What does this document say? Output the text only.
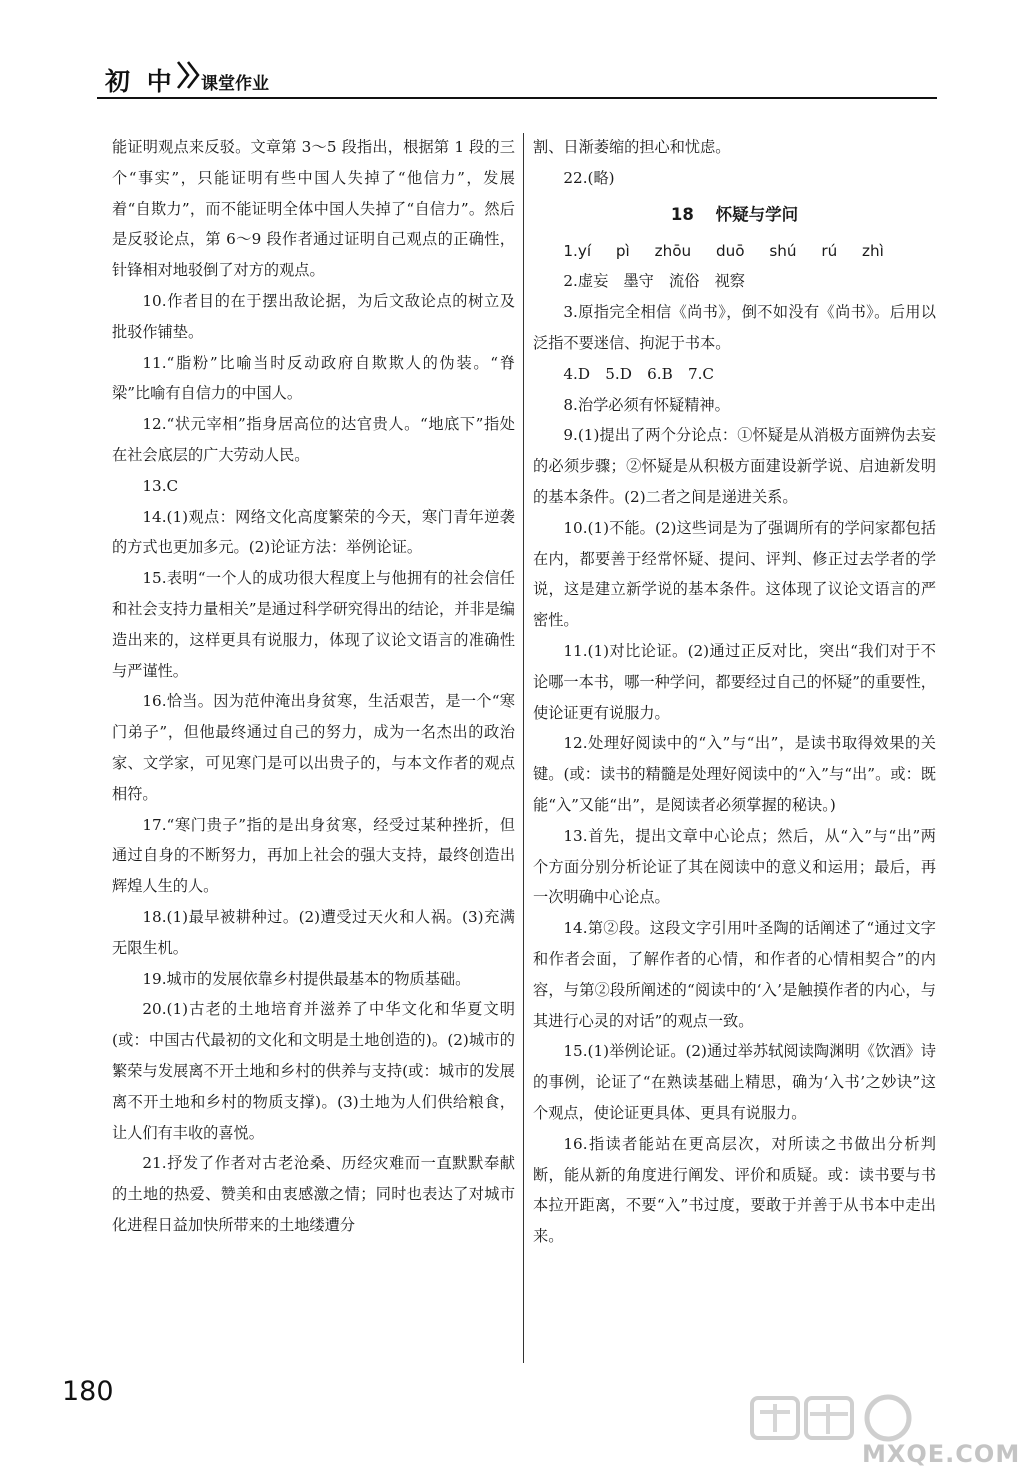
初 中 课堂作业

能证明观点来反驳。文章第 3～5 段指出，根据第 1 段的三个“事实”，只能证明有些中国人失掉了“他信力”，发展着“自欺力”，而不能证明全体中国人失掉了“自信力”。然后是反驳论点，第 6～9 段作者通过证明自己观点的正确性，针锋相对地驳倒了对方的观点。

10.作者目的在于摆出敌论据，为后文敌论点的树立及批驳作铺垫。

11.“脂粉”比喻当时反动政府自欺欺人的伪装。“脊梁”比喻有自信力的中国人。

12.“状元宰相”指身居高位的达官贵人。“地底下”指处在社会底层的广大劳动人民。

13.C

14.(1)观点：网络文化高度繁荣的今天，寒门青年逆袭的方式也更加多元。(2)论证方法：举例论证。

15.表明“一个人的成功很大程度上与他拥有的社会信任和社会支持力量相关”是通过科学研究得出的结论，并非是编造出来的，这样更具有说服力，体现了议论文语言的准确性与严谨性。

16.恰当。因为范仲淹出身贫寒，生活艰苦，是一个“寒门弟子”，但他最终通过自己的努力，成为一名杰出的政治家、文学家，可见寒门是可以出贵子的，与本文作者的观点相符。

17.“寒门贵子”指的是出身贫寒，经受过某种挫折，但通过自身的不断努力，再加上社会的强大支持，最终创造出辉煌人生的人。

18.(1)最早被耕种过。(2)遭受过天火和人祸。(3)充满无限生机。

19.城市的发展依靠乡村提供最基本的物质基础。

20.(1)古老的土地培育并滋养了中华文化和华夏文明(或：中国古代最初的文化和文明是土地创造的)。(2)城市的繁荣与发展离不开土地和乡村的供养与支持(或：城市的发展离不开土地和乡村的物质支撑)。(3)土地为人们供给粮食，让人们有丰收的喜悦。

21.抒发了作者对古老沧桑、历经灾难而一直默默奉献的土地的热爱、赞美和由衷感激之情；同时也表达了对城市化进程日益加快所带来的土地缕遭分

割、日渐萎缩的担心和忧虑。

22.(略)

18 怀疑与学问

1.yí pì zhōu duō shú rú zhì

2.虚妄　墨守　流俗　视察

3.原指完全相信《尚书》，倒不如没有《尚书》。后用以泛指不要迷信、拘泥于书本。

4.D　5.D　6.B　7.C

8.治学必须有怀疑精神。

9.(1)提出了两个分论点：①怀疑是从消极方面辨伪去妄的必须步骤；②怀疑是从积极方面建设新学说、启迪新发明的基本条件。(2)二者之间是递进关系。

10.(1)不能。(2)这些词是为了强调所有的学问家都包括在内，都要善于经常怀疑、提问、评判、修正过去学者的学说，这是建立新学说的基本条件。这体现了议论文语言的严密性。

11.(1)对比论证。(2)通过正反对比，突出“我们对于不论哪一本书，哪一种学问，都要经过自己的怀疑”的重要性，使论证更有说服力。

12.处理好阅读中的“入”与“出”，是读书取得效果的关键。(或：读书的精髓是处理好阅读中的“入”与“出”。或：既能“入”又能“出”，是阅读者必须掌握的秘诀。)

13.首先，提出文章中心论点；然后，从“入”与“出”两个方面分别分析论证了其在阅读中的意义和运用；最后，再一次明确中心论点。

14.第②段。这段文字引用叶圣陶的话阐述了“通过文字和作者会面，了解作者的心情，和作者的心情相契合”的内容，与第②段所阐述的“阅读中的‘入’是触摸作者的内心，与其进行心灵的对话”的观点一致。

15.(1)举例论证。(2)通过举苏轼阅读陶渊明《饮酒》诗的事例，论证了“在熟读基础上精思，确为‘入书’之妙诀”这个观点，使论证更具体、更具有说服力。

16.指读者能站在更高层次，对所读之书做出分析判断，能从新的角度进行阐发、评价和质疑。或：读书要与书本拉开距离，不要“入”书过度，要敢于并善于从书本中走出来。

180
MXQE.COM
